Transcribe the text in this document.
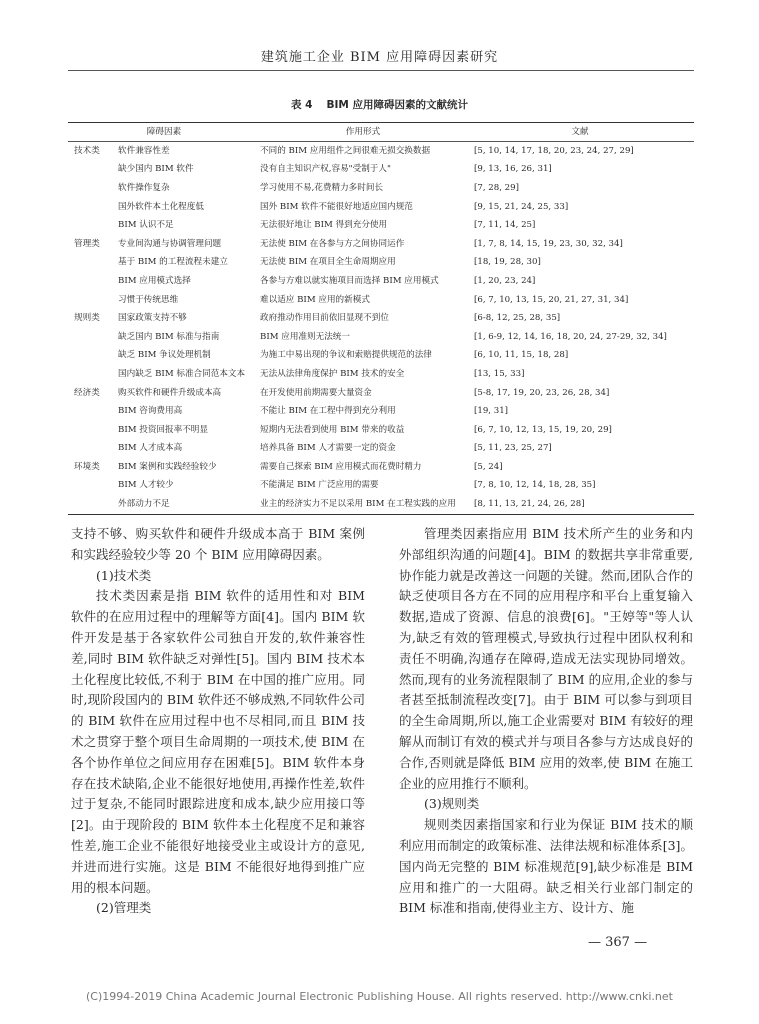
建筑施工企业 BIM 应用障碍因素研究
表 4 BIM 应用障碍因素的文献统计
障碍因素		作用形式	文献
技术类	软件兼容性差	不同的 BIM 应用组件之间很难无损交换数据	[5, 10, 14, 17, 18, 20, 23, 24, 27, 29]
	缺少国内 BIM 软件	没有自主知识产权,容易"受制于人"	[9, 13, 16, 26, 31]
	软件操作复杂	学习使用不易,花费精力多时间长	[7, 28, 29]
	国外软件本土化程度低	国外 BIM 软件不能很好地适应国内规范	[9, 15, 21, 24, 25, 33]
	BIM 认识不足	无法很好地让 BIM 得到充分使用	[7, 11, 14, 25]
管理类	专业间沟通与协调管理问题	无法使 BIM 在各参与方之间协同运作	[1, 7, 8, 14, 15, 19, 23, 30, 32, 34]
	基于 BIM 的工程流程未建立	无法使 BIM 在项目全生命周期应用	[18, 19, 28, 30]
	BIM 应用模式选择	各参与方难以就实施项目而选择 BIM 应用模式	[1, 20, 23, 24]
	习惯于传统思维	难以适应 BIM 应用的新模式	[6, 7, 10, 13, 15, 20, 21, 27, 31, 34]
规则类	国家政策支持不够	政府推动作用目前依旧显现不到位	[6-8, 12, 25, 28, 35]
	缺乏国内 BIM 标准与指南	BIM 应用准则无法统一	[1, 6-9, 12, 14, 16, 18, 20, 24, 27-29, 32, 34]
	缺乏 BIM 争议处理机制	为施工中易出现的争议和索赔提供规范的法律	[6, 10, 11, 15, 18, 28]
	国内缺乏 BIM 标准合同范本文本	无法从法律角度保护 BIM 技术的安全	[13, 15, 33]
经济类	购买软件和硬件升级成本高	在开发使用前期需要大量资金	[5-8, 17, 19, 20, 23, 26, 28, 34]
	BIM 咨询费用高	不能让 BIM 在工程中得到充分利用	[19, 31]
	BIM 投资回报率不明显	短期内无法看到使用 BIM 带来的收益	[6, 7, 10, 12, 13, 15, 19, 20, 29]
	BIM 人才成本高	培养具备 BIM 人才需要一定的资金	[5, 11, 23, 25, 27]
环境类	BIM 案例和实践经验较少	需要自己探索 BIM 应用模式而花费时精力	[5, 24]
	BIM 人才较少	不能满足 BIM 广泛应用的需要	[7, 8, 10, 12, 14, 18, 28, 35]
	外部动力不足	业主的经济实力不足以采用 BIM 在工程实践的应用	[8, 11, 13, 21, 24, 26, 28]

支持不够、购买软件和硬件升级成本高于 BIM 案例和实践经验较少等 20 个 BIM 应用障碍因素。

(1)技术类

技术类因素是指 BIM 软件的适用性和对 BIM 软件的在应用过程中的理解等方面[4]。国内 BIM 软件开发是基于各家软件公司独自开发的,软件兼容性差,同时 BIM 软件缺乏对弹性[5]。国内 BIM 技术本土化程度比较低,不利于 BIM 在中国的推广应用。同时,现阶段国内的 BIM 软件还不够成熟,不同软件公司的 BIM 软件在应用过程中也不尽相同,而且 BIM 技术之贯穿于整个项目生命周期的一项技术,使 BIM 在各个协作单位之间应用存在困难[5]。BIM 软件本身存在技术缺陷,企业不能很好地使用,再操作性差,软件过于复杂,不能同时跟踪进度和成本,缺少应用接口等[2]。由于现阶段的 BIM 软件本土化程度不足和兼容性差,施工企业不能很好地接受业主或设计方的意见,并进而进行实施。这是 BIM 不能很好地得到推广应用的根本问题。

(2)管理类

管理类因素指应用 BIM 技术所产生的业务和内外部组织沟通的问题[4]。BIM 的数据共享非常重要,协作能力就是改善这一问题的关键。然而,团队合作的缺乏使项目各方在不同的应用程序和平台上重复输入数据,造成了资源、信息的浪费[6]。"王婷等"等人认为,缺乏有效的管理模式,导致执行过程中团队权利和责任不明确,沟通存在障碍,造成无法实现协同增效。然而,现有的业务流程限制了 BIM 的应用,企业的参与者甚至抵制流程改变[7]。由于 BIM 可以参与到项目的全生命周期,所以,施工企业需要对 BIM 有较好的理解从而制订有效的模式并与项目各参与方达成良好的合作,否则就是降低 BIM 应用的效率,使 BIM 在施工企业的应用推行不顺利。

(3)规则类

规则类因素指国家和行业为保证 BIM 技术的顺利应用而制定的政策标准、法律法规和标准体系[3]。国内尚无完整的 BIM 标准规范[9],缺少标准是 BIM 应用和推广的一大阻碍。缺乏相关行业部门制定的 BIM 标准和指南,使得业主方、设计方、施

— 367 —
(C)1994-2019 China Academic Journal Electronic Publishing House. All rights reserved. http://www.cnki.net
